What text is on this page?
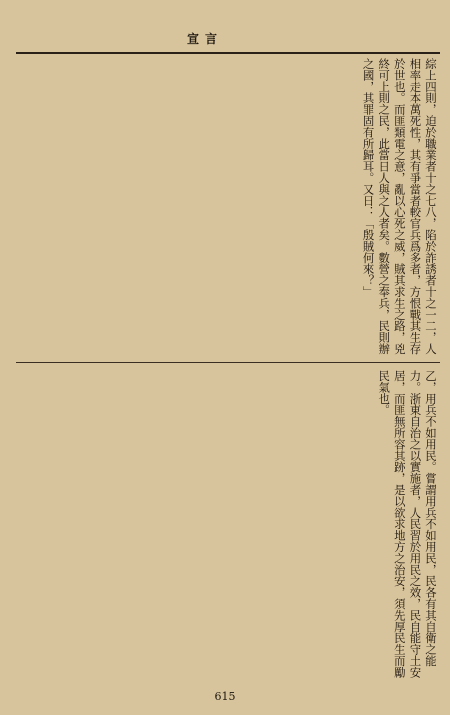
宣言

綜上四則，迫於職業者十之七八，陷於詐誘者十之一二，人相率走本萬死性，其有爭當者較官兵爲多者，方恨戰其生存於世也。而匪類電之意，亂以心死之威，賊其求生之路，兇終可上則之民，此當日人與之人者矣。數營之奉兵，民則辦之國，其罪固有所歸耳。又日：「殷賊何來？」

乙，用兵不如用民。嘗謂用兵不如用民，民各有其自衛之能力。浙東自治之以實施者，人民習於用民之效，民自能守土安居，而匪無所容其跡，是以欲求地方之治安，須先厚民生而勵民氣也。

615
